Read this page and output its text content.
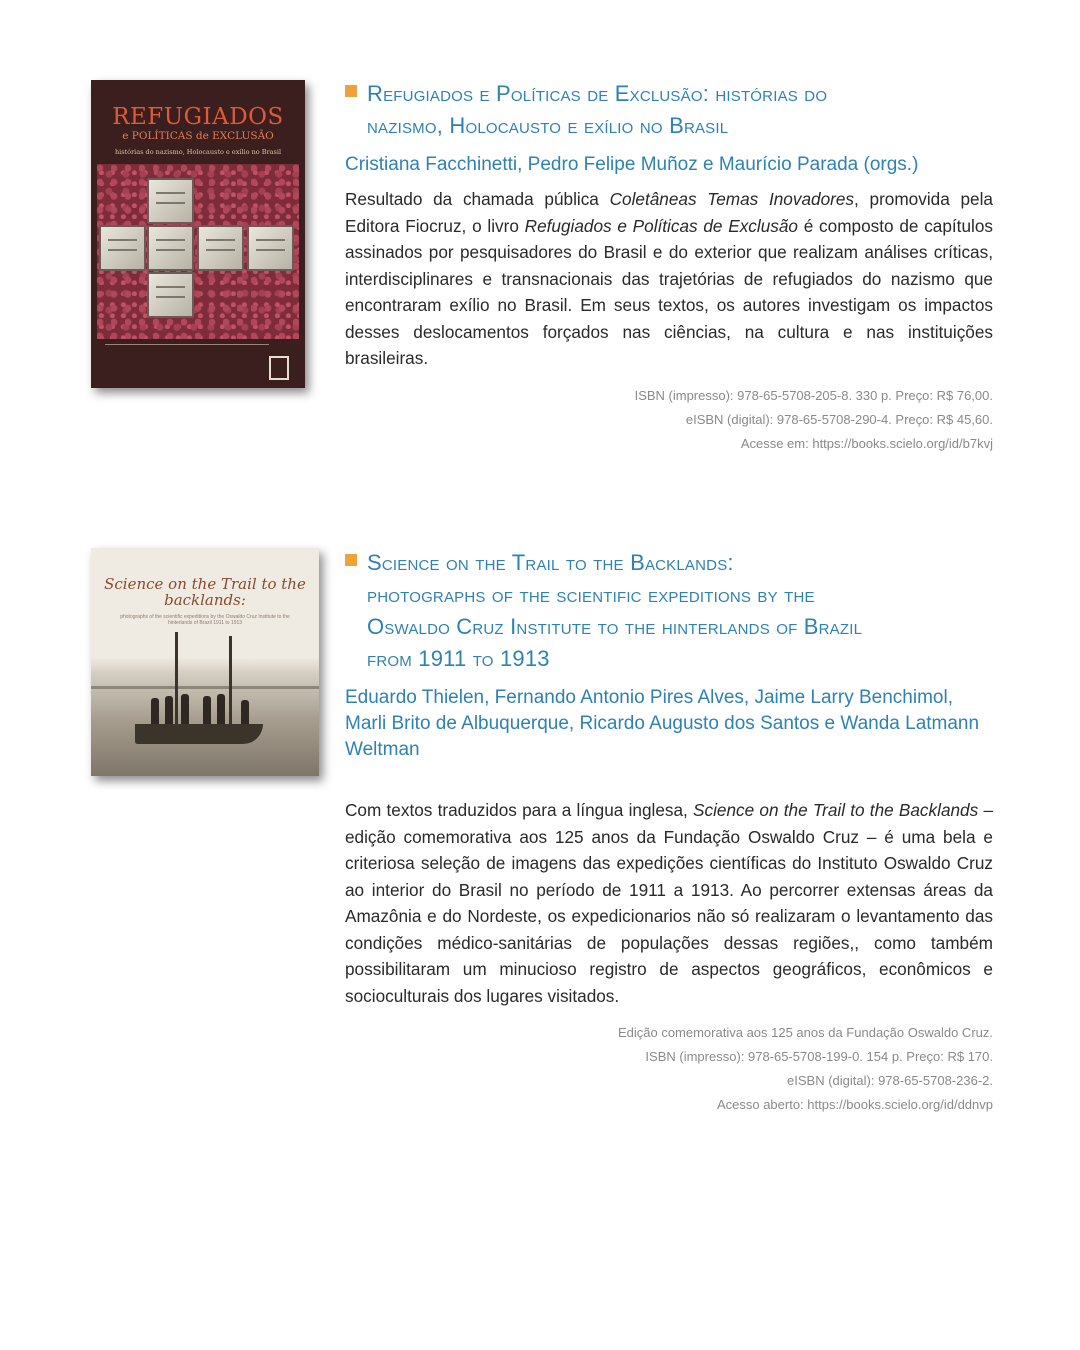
REFUGIADOS
e POLÍTICAS de EXCLUSÃO
histórias do nazismo, Holocausto e exílio no Brasil
Refugiados e Políticas de Exclusão: histórias do
nazismo, Holocausto e exílio no Brasil

Cristiana Facchinetti, Pedro Felipe Muñoz e Maurício Parada (orgs.)

Resultado da chamada pública Coletâneas Temas Inovadores, promovida pela Editora Fiocruz, o livro Refugiados e Políticas de Exclusão é composto de capítulos assinados por pesquisadores do Brasil e do exterior que realizam análises críticas, interdisciplinares e transnacionais das trajetórias de refugiados do nazismo que encontraram exílio no Brasil. Em seus textos, os autores investigam os impactos desses deslocamentos forçados nas ciências, na cultura e nas instituições brasileiras.

ISBN (impresso): 978-65-5708-205-8. 330 p. Preço: R$ 76,00.
eISBN (digital): 978-65-5708-290-4. Preço: R$ 45,60.
Acesse em: https://books.scielo.org/id/b7kvj
Science on the Trail to the backlands:
photographs of the scientific expeditions by the Oswaldo Cruz Institute to the hinterlands of Brazil 1911 to 1913
Science on the Trail to the Backlands:
photographs of the scientific expeditions by the
Oswaldo Cruz Institute to the hinterlands of Brazil
from 1911 to 1913

Eduardo Thielen, Fernando Antonio Pires Alves, Jaime Larry Benchimol, Marli Brito de Albuquerque, Ricardo Augusto dos Santos e Wanda Latmann Weltman

Com textos traduzidos para a língua inglesa, Science on the Trail to the Backlands – edição comemorativa aos 125 anos da Fundação Oswaldo Cruz – é uma bela e criteriosa seleção de imagens das expedições científicas do Instituto Oswaldo Cruz ao interior do Brasil no período de 1911 a 1913. Ao percorrer extensas áreas da Amazônia e do Nordeste, os expedicionarios não só realizaram o levantamento das condições médico-sanitárias de populações dessas regiões,, como também possibilitaram um minucioso registro de aspectos geográficos, econômicos e socioculturais dos lugares visitados.

Edição comemorativa aos 125 anos da Fundação Oswaldo Cruz.
ISBN (impresso): 978-65-5708-199-0. 154 p. Preço: R$ 170.
eISBN (digital): 978-65-5708-236-2.
Acesso aberto: https://books.scielo.org/id/ddnvp
